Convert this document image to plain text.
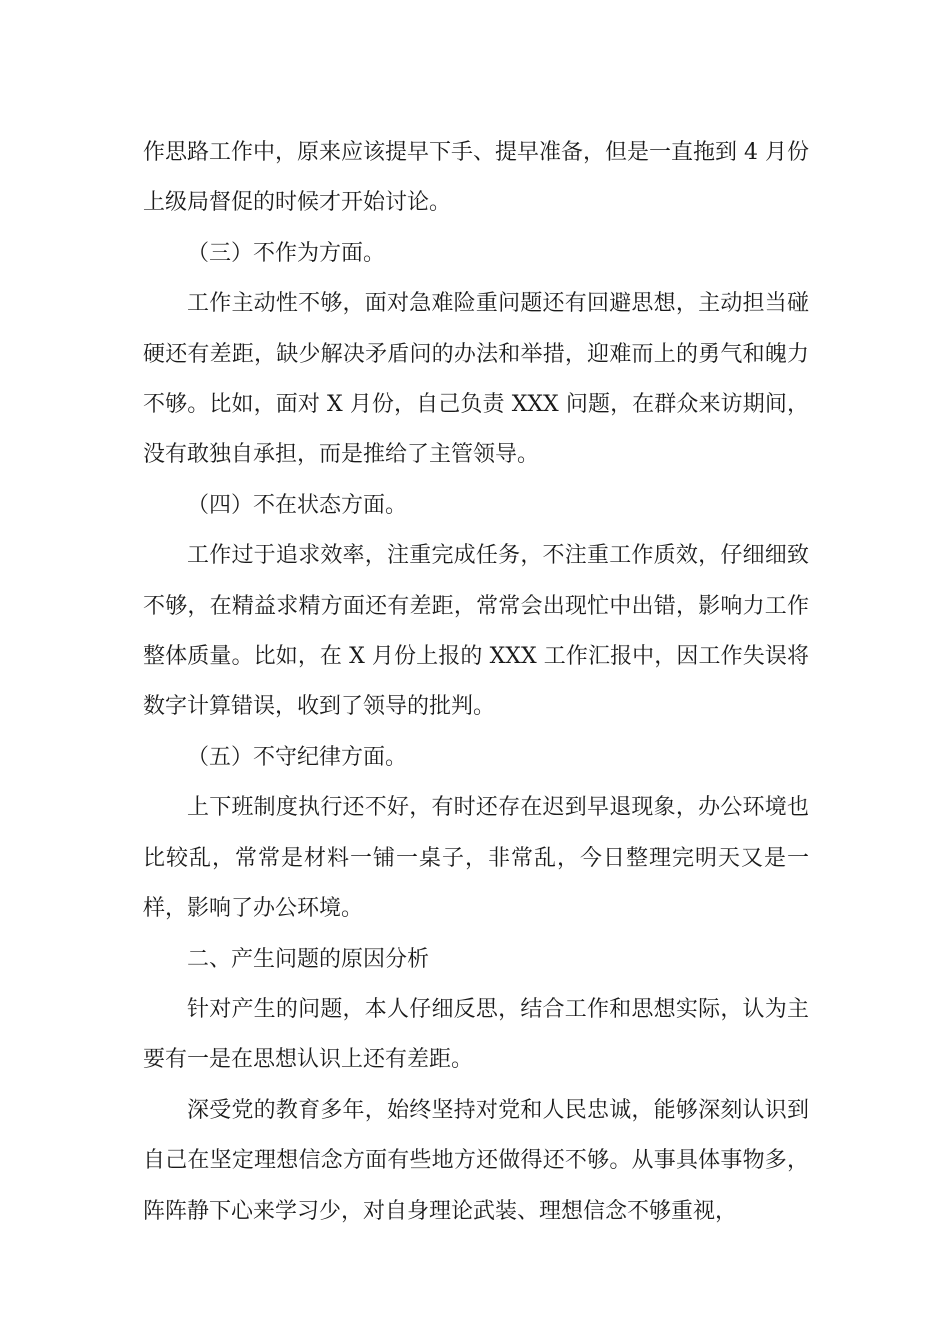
作思路工作中，原来应该提早下手、提早准备，但是一直拖到 4 月份上级局督促的时候才开始讨论。

（三）不作为方面。

工作主动性不够，面对急难险重问题还有回避思想，主动担当碰硬还有差距，缺少解决矛盾问的办法和举措，迎难而上的勇气和魄力不够。比如，面对 X 月份，自己负责 XXX 问题，在群众来访期间，没有敢独自承担，而是推给了主管领导。

（四）不在状态方面。

工作过于追求效率，注重完成任务，不注重工作质效，仔细细致不够，在精益求精方面还有差距，常常会出现忙中出错，影响力工作整体质量。比如，在 X 月份上报的 XXX 工作汇报中，因工作失误将数字计算错误，收到了领导的批判。

（五）不守纪律方面。

上下班制度执行还不好，有时还存在迟到早退现象，办公环境也比较乱，常常是材料一铺一桌子，非常乱，今日整理完明天又是一样，影响了办公环境。

二、产生问题的原因分析

针对产生的问题，本人仔细反思，结合工作和思想实际，认为主要有一是在思想认识上还有差距。

深受党的教育多年，始终坚持对党和人民忠诚，能够深刻认识到自己在坚定理想信念方面有些地方还做得还不够。从事具体事物多，阵阵静下心来学习少，对自身理论武装、理想信念不够重视，
